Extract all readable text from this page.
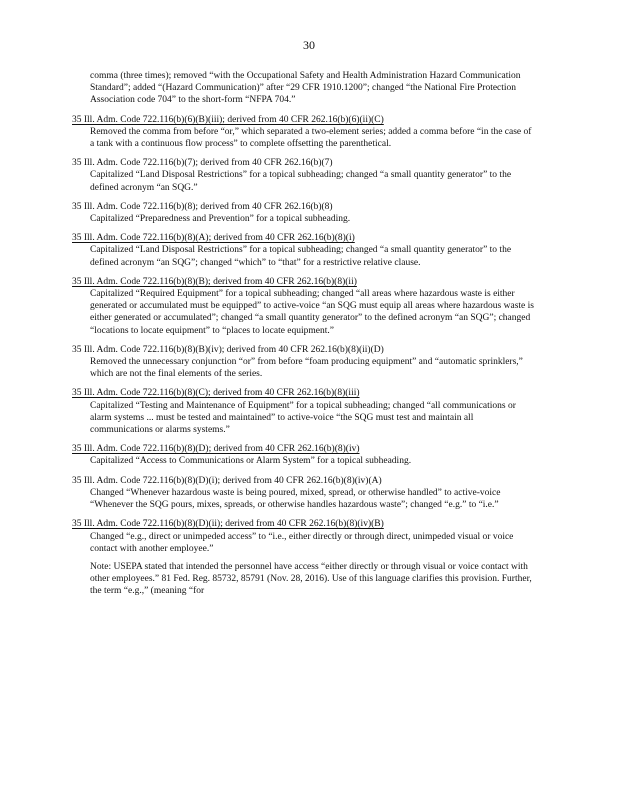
30
comma (three times); removed “with the Occupational Safety and Health Administration Hazard Communication Standard”; added “(Hazard Communication)” after “29 CFR 1910.1200”; changed “the National Fire Protection Association code 704” to the short-form “NFPA 704.”
35 Ill. Adm. Code 722.116(b)(6)(B)(iii); derived from 40 CFR 262.16(b)(6)(ii)(C)
Removed the comma from before “or,” which separated a two-element series; added a comma before “in the case of a tank with a continuous flow process” to complete offsetting the parenthetical.
35 Ill. Adm. Code 722.116(b)(7); derived from 40 CFR 262.16(b)(7)
Capitalized “Land Disposal Restrictions” for a topical subheading; changed “a small quantity generator” to the defined acronym “an SQG.”
35 Ill. Adm. Code 722.116(b)(8); derived from 40 CFR 262.16(b)(8)
Capitalized “Preparedness and Prevention” for a topical subheading.
35 Ill. Adm. Code 722.116(b)(8)(A); derived from 40 CFR 262.16(b)(8)(i)
Capitalized “Land Disposal Restrictions” for a topical subheading; changed “a small quantity generator” to the defined acronym “an SQG”; changed “which” to “that” for a restrictive relative clause.
35 Ill. Adm. Code 722.116(b)(8)(B); derived from 40 CFR 262.16(b)(8)(ii)
Capitalized “Required Equipment” for a topical subheading; changed “all areas where hazardous waste is either generated or accumulated must be equipped” to active-voice “an SQG must equip all areas where hazardous waste is either generated or accumulated”; changed “a small quantity generator” to the defined acronym “an SQG”; changed “locations to locate equipment” to “places to locate equipment.”
35 Ill. Adm. Code 722.116(b)(8)(B)(iv); derived from 40 CFR 262.16(b)(8)(ii)(D)
Removed the unnecessary conjunction “or” from before “foam producing equipment” and “automatic sprinklers,” which are not the final elements of the series.
35 Ill. Adm. Code 722.116(b)(8)(C); derived from 40 CFR 262.16(b)(8)(iii)
Capitalized “Testing and Maintenance of Equipment” for a topical subheading; changed “all communications or alarm systems ... must be tested and maintained” to active-voice “the SQG must test and maintain all communications or alarms systems.”
35 Ill. Adm. Code 722.116(b)(8)(D); derived from 40 CFR 262.16(b)(8)(iv)
Capitalized “Access to Communications or Alarm System” for a topical subheading.
35 Ill. Adm. Code 722.116(b)(8)(D)(i); derived from 40 CFR 262.16(b)(8)(iv)(A)
Changed “Whenever hazardous waste is being poured, mixed, spread, or otherwise handled” to active-voice “Whenever the SQG pours, mixes, spreads, or otherwise handles hazardous waste”; changed “e.g.” to “i.e.”
35 Ill. Adm. Code 722.116(b)(8)(D)(ii); derived from 40 CFR 262.16(b)(8)(iv)(B)
Changed “e.g., direct or unimpeded access” to “i.e., either directly or through direct, unimpeded visual or voice contact with another employee.”
Note: USEPA stated that intended the personnel have access “either directly or through visual or voice contact with other employees.” 81 Fed. Reg. 85732, 85791 (Nov. 28, 2016). Use of this language clarifies this provision. Further, the term “e.g.,” (meaning “for
